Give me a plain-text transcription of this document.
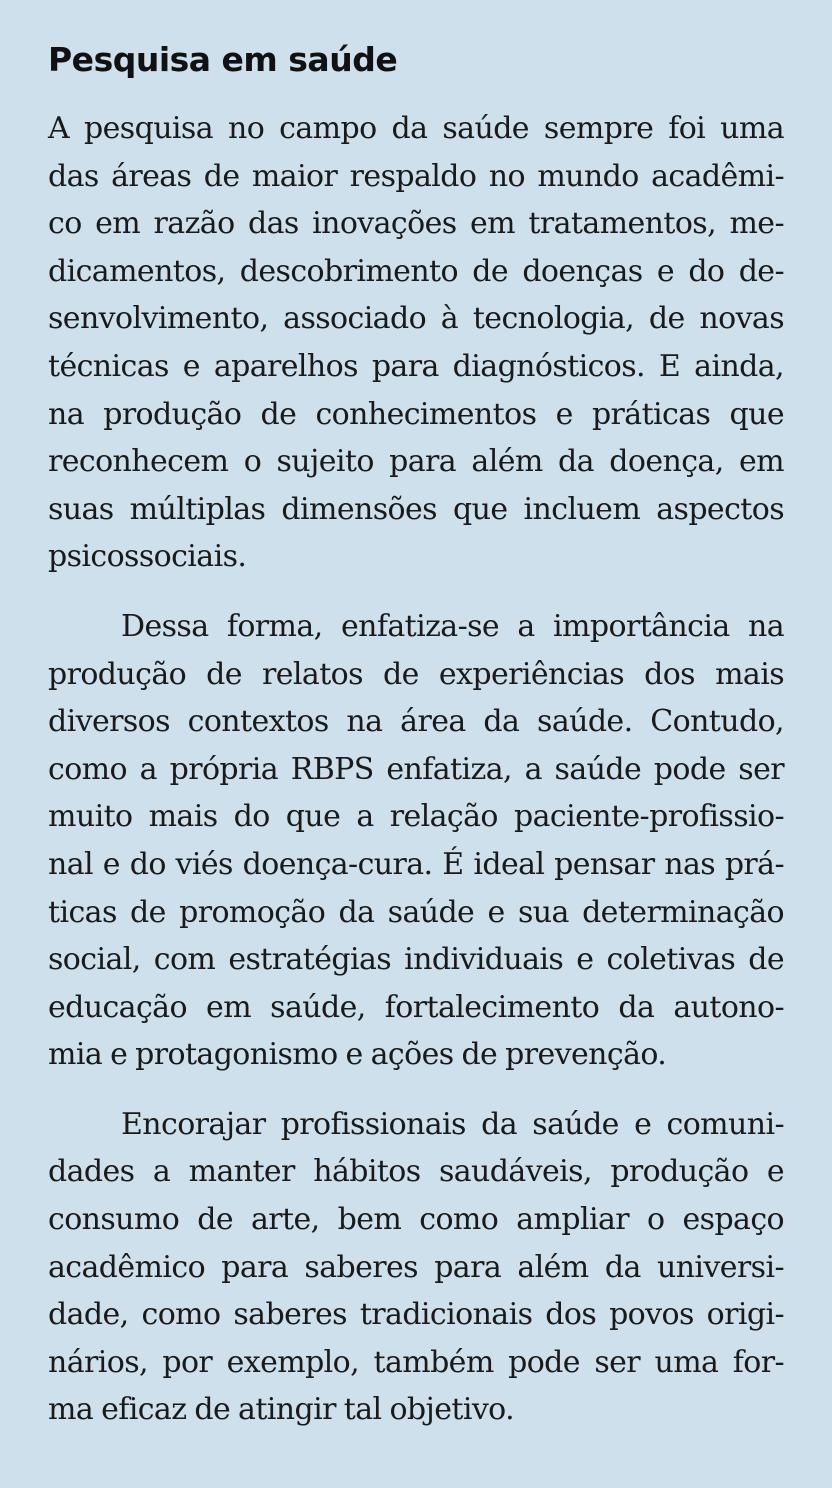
Pesquisa em saúde
A pesquisa no campo da saúde sempre foi uma
das áreas de maior respaldo no mundo acadêmi-
co em razão das inovações em tratamentos, me-
dicamentos, descobrimento de doenças e do de-
senvolvimento, associado à tecnologia, de novas
técnicas e aparelhos para diagnósticos. E ainda,
na produção de conhecimentos e práticas que
reconhecem o sujeito para além da doença, em
suas múltiplas dimensões que incluem aspectos
psicossociais.
Dessa forma, enfatiza-se a importância na
produção de relatos de experiências dos mais
diversos contextos na área da saúde. Contudo,
como a própria RBPS enfatiza, a saúde pode ser
muito mais do que a relação paciente-profissio-
nal e do viés doença-cura. É ideal pensar nas prá-
ticas de promoção da saúde e sua determinação
social, com estratégias individuais e coletivas de
educação em saúde, fortalecimento da autono-
mia e protagonismo e ações de prevenção.
Encorajar profissionais da saúde e comuni-
dades a manter hábitos saudáveis, produção e
consumo de arte, bem como ampliar o espaço
acadêmico para saberes para além da universi-
dade, como saberes tradicionais dos povos origi-
nários, por exemplo, também pode ser uma for-
ma eficaz de atingir tal objetivo.
